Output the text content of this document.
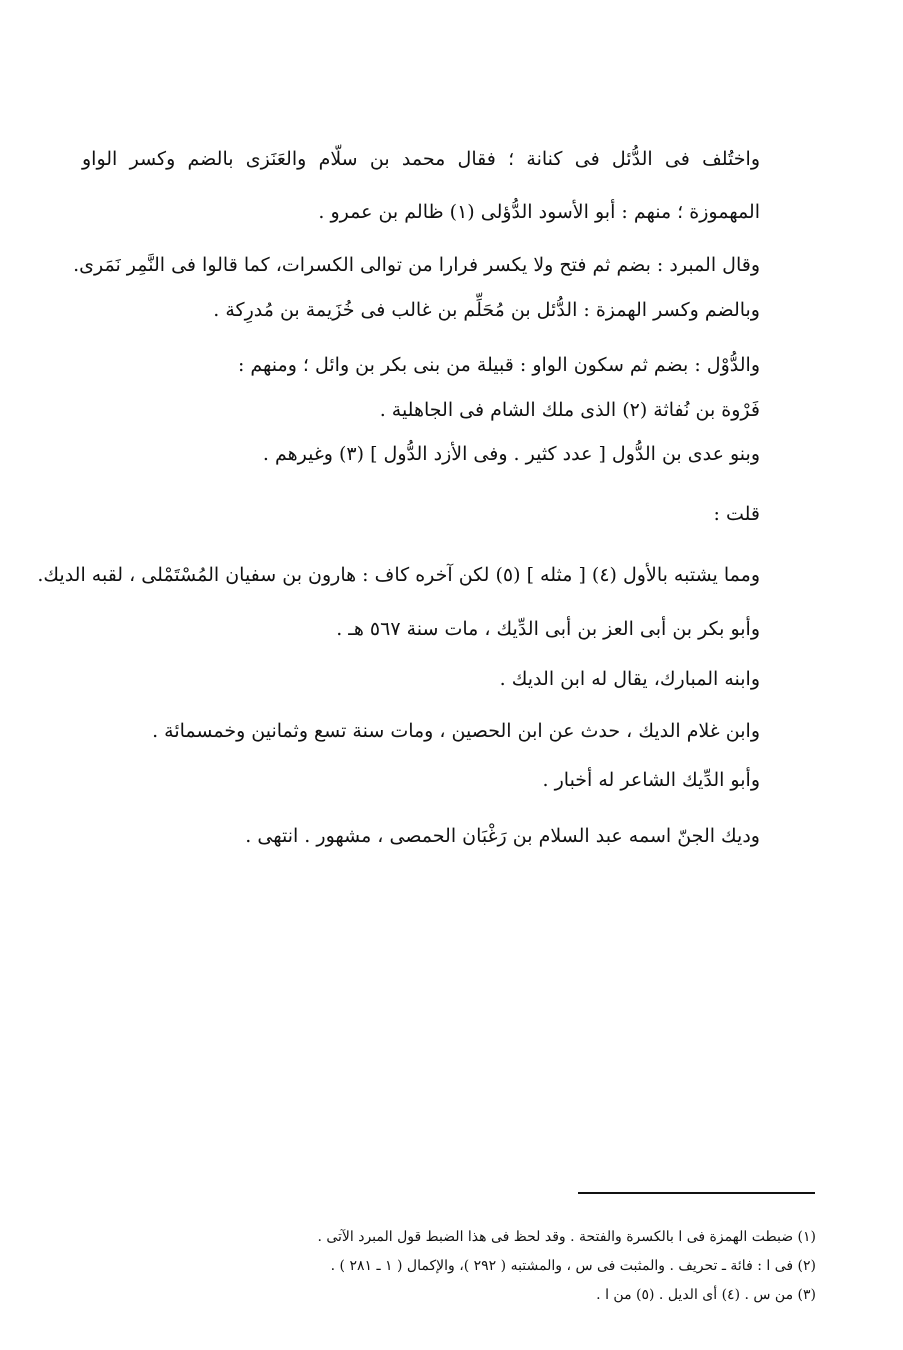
واختُلف فى الدُّئل فى كنانة ؛ فقال محمد بن سلّام والعَنَزى بالضم وكسر الواو
المهموزة ؛ منهم : أبو الأسود الدُّؤلى (١) ظالم بن عمرو .
وقال المبرد : بضم ثم فتح ولا يكسر فرارا من توالى الكسرات، كما قالوا فى النَّمِر نَمَرى.
وبالضم وكسر الهمزة : الدُّئل بن مُحَلِّم بن غالب فى خُزَيمة بن مُدرِكة .
والدُّوْل : بضم ثم سكون الواو : قبيلة من بنى بكر بن وائل ؛ ومنهم :
فَرْوة بن نُفاثة (٢) الذى ملك الشام فى الجاهلية .
وبنو عدى بن الدُّول [ عدد كثير . وفى الأزد الدُّول ] (٣) وغيرهم .
قلت :
ومما يشتبه بالأول (٤) [ مثله ] (٥) لكن آخره كاف : هارون بن سفيان المُسْتَمْلى ، لقبه الديك.
وأبو بكر بن أبى العز بن أبى الدِّيك ، مات سنة ٥٦٧ هـ .
وابنه المبارك، يقال له ابن الديك .
وابن غلام الديك ، حدث عن ابن الحصين ، ومات سنة تسع وثمانين وخمسمائة .
وأبو الدِّيك الشاعر له أخبار .
وديك الجنّ اسمه عبد السلام بن رَغْبَان الحمصى ، مشهور . انتهى .
(١) ضبطت الهمزة فى ا بالكسرة والفتحة . وقد لحظ فى هذا الضبط قول المبرد الآتى .
(٢) فى ا : فائة ـ تحريف . والمثبت فى س ، والمشتبه ( ٢٩٢ )، والإكمال ( ١ ـ ٢٨١ ) .
(٣) من س . (٤) أى الديل . (٥) من ا .
